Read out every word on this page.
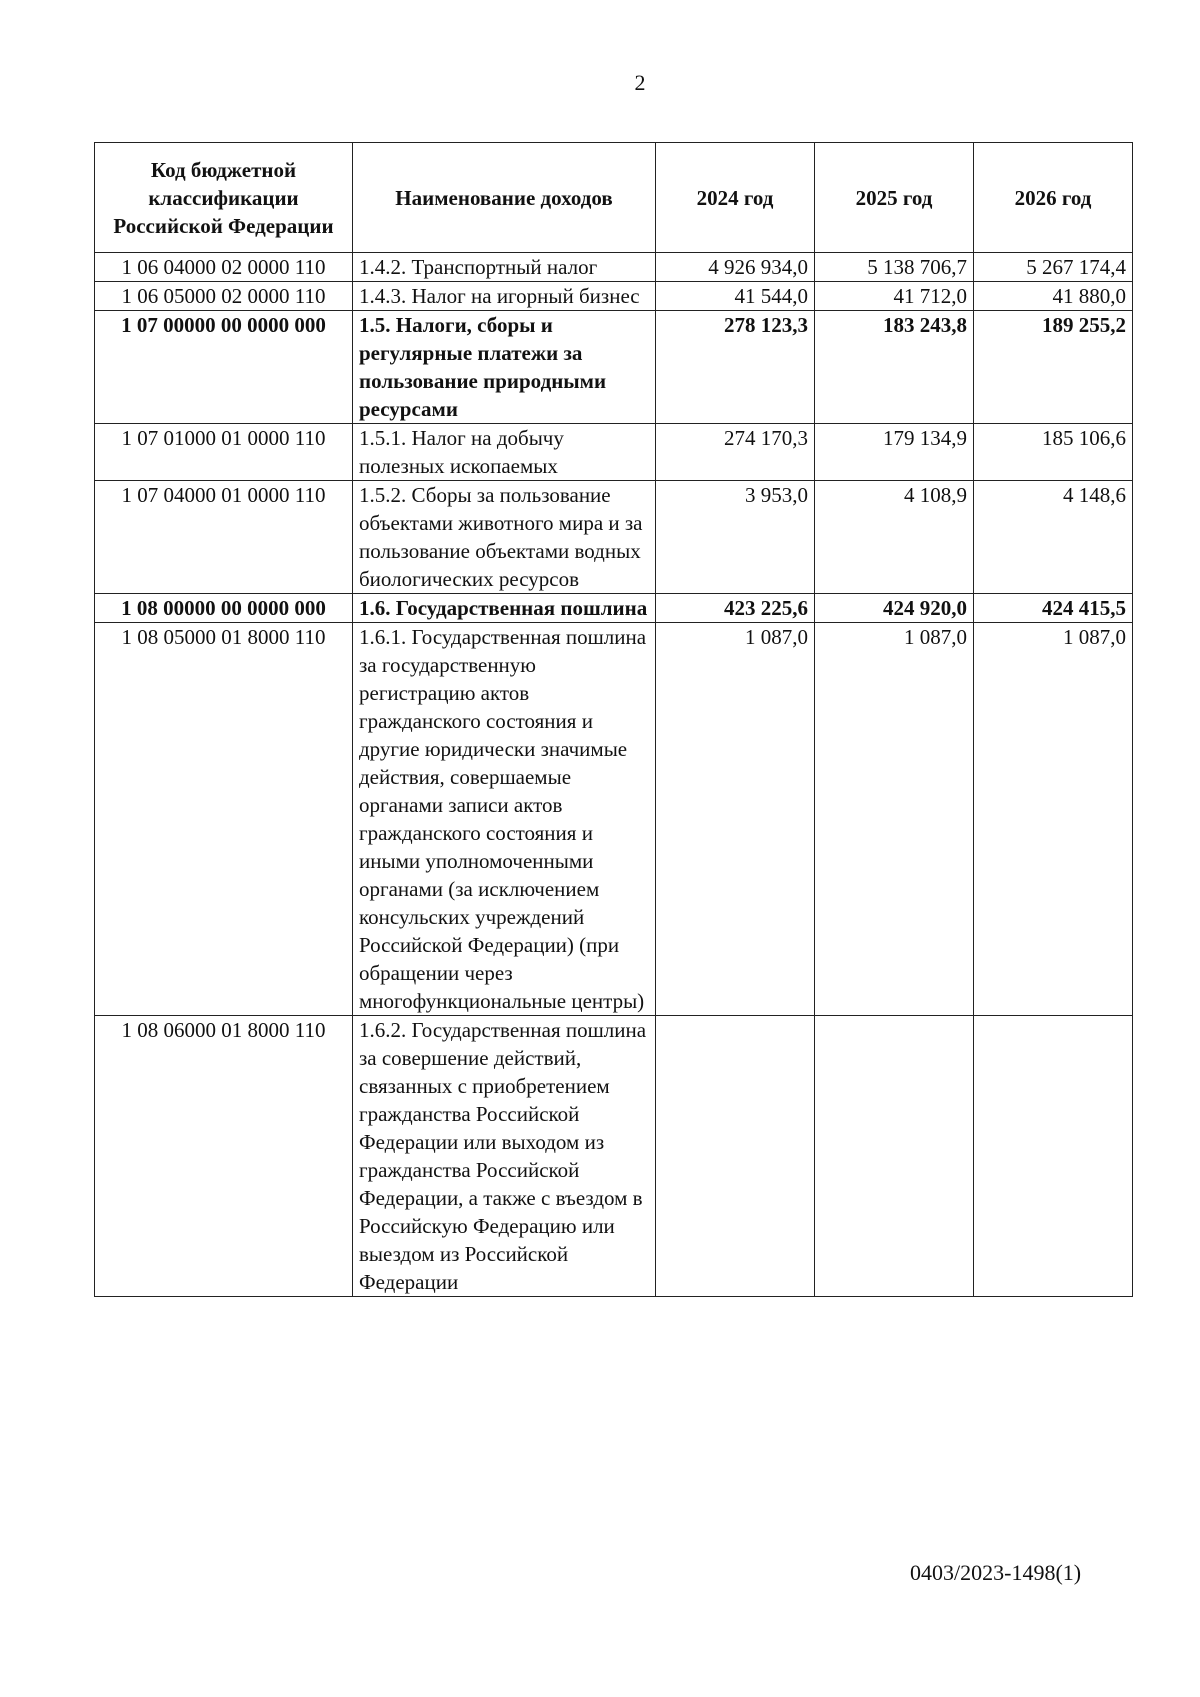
2
Код бюджетной классификации Российской Федерации	Наименование доходов	2024 год	2025 год	2026 год
1 06 04000 02 0000 110	1.4.2. Транспортный налог	4 926 934,0	5 138 706,7	5 267 174,4
1 06 05000 02 0000 110	1.4.3. Налог на игорный бизнес	41 544,0	41 712,0	41 880,0
1 07 00000 00 0000 000	1.5. Налоги, сборы и регулярные платежи за пользование природными ресурсами	278 123,3	183 243,8	189 255,2
1 07 01000 01 0000 110	1.5.1. Налог на добычу полезных ископаемых	274 170,3	179 134,9	185 106,6
1 07 04000 01 0000 110	1.5.2. Сборы за пользование объектами животного мира и за пользование объектами водных биологических ресурсов	3 953,0	4 108,9	4 148,6
1 08 00000 00 0000 000	1.6. Государственная пошлина	423 225,6	424 920,0	424 415,5
1 08 05000 01 8000 110	1.6.1. Государственная пошлина за государственную регистрацию актов гражданского состояния и другие юридически значимые действия, совершаемые органами записи актов гражданского состояния и иными уполномоченными органами (за исключением консульских учреждений Российской Федерации) (при обращении через многофункциональные центры)	1 087,0	1 087,0	1 087,0
1 08 06000 01 8000 110	1.6.2. Государственная пошлина за совершение действий, связанных с приобретением гражданства Российской Федерации или выходом из гражданства Российской Федерации, а также с въездом в Российскую Федерацию или выездом из Российской Федерации			
0403/2023-1498(1)
